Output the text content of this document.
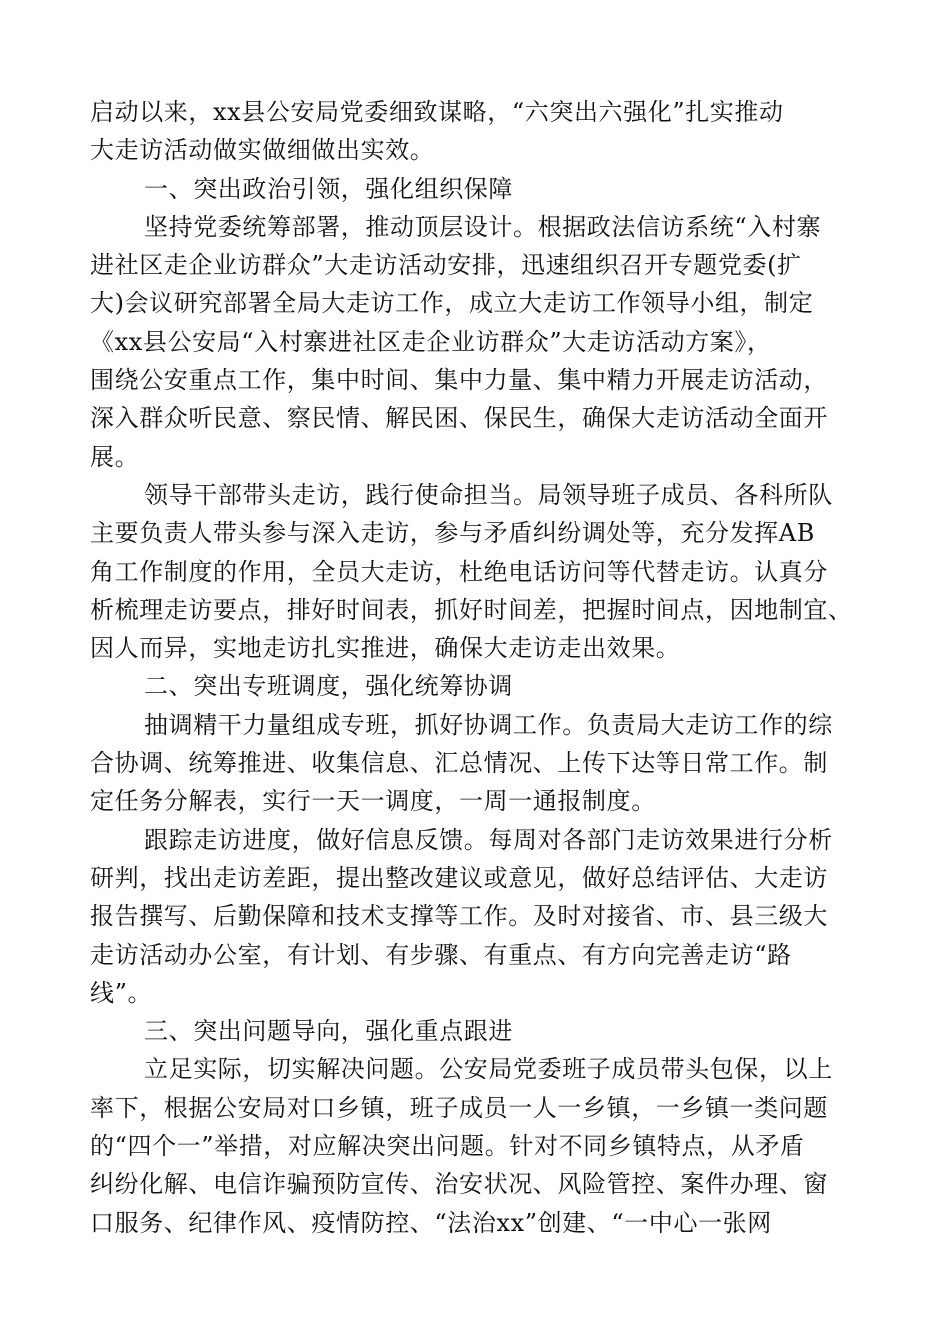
启动以来，xx县公安局党委细致谋略，“六突出六强化”扎实推动
大走访活动做实做细做出实效。
一、突出政治引领，强化组织保障
坚持党委统筹部署，推动顶层设计。根据政法信访系统“入村寨
进社区走企业访群众”大走访活动安排，迅速组织召开专题党委(扩
大)会议研究部署全局大走访工作，成立大走访工作领导小组，制定
《xx县公安局“入村寨进社区走企业访群众”大走访活动方案》，
围绕公安重点工作，集中时间、集中力量、集中精力开展走访活动，
深入群众听民意、察民情、解民困、保民生，确保大走访活动全面开
展。
领导干部带头走访，践行使命担当。局领导班子成员、各科所队
主要负责人带头参与深入走访，参与矛盾纠纷调处等，充分发挥AB
角工作制度的作用，全员大走访，杜绝电话访问等代替走访。认真分
析梳理走访要点，排好时间表，抓好时间差，把握时间点，因地制宜、
因人而异，实地走访扎实推进，确保大走访走出效果。
二、突出专班调度，强化统筹协调
抽调精干力量组成专班，抓好协调工作。负责局大走访工作的综
合协调、统筹推进、收集信息、汇总情况、上传下达等日常工作。制
定任务分解表，实行一天一调度，一周一通报制度。
跟踪走访进度，做好信息反馈。每周对各部门走访效果进行分析
研判，找出走访差距，提出整改建议或意见，做好总结评估、大走访
报告撰写、后勤保障和技术支撑等工作。及时对接省、市、县三级大
走访活动办公室，有计划、有步骤、有重点、有方向完善走访“路
线”。
三、突出问题导向，强化重点跟进
立足实际，切实解决问题。公安局党委班子成员带头包保，以上
率下，根据公安局对口乡镇，班子成员一人一乡镇，一乡镇一类问题
的“四个一”举措，对应解决突出问题。针对不同乡镇特点，从矛盾
纠纷化解、电信诈骗预防宣传、治安状况、风险管控、案件办理、窗
口服务、纪律作风、疫情防控、“法治xx”创建、“一中心一张网
